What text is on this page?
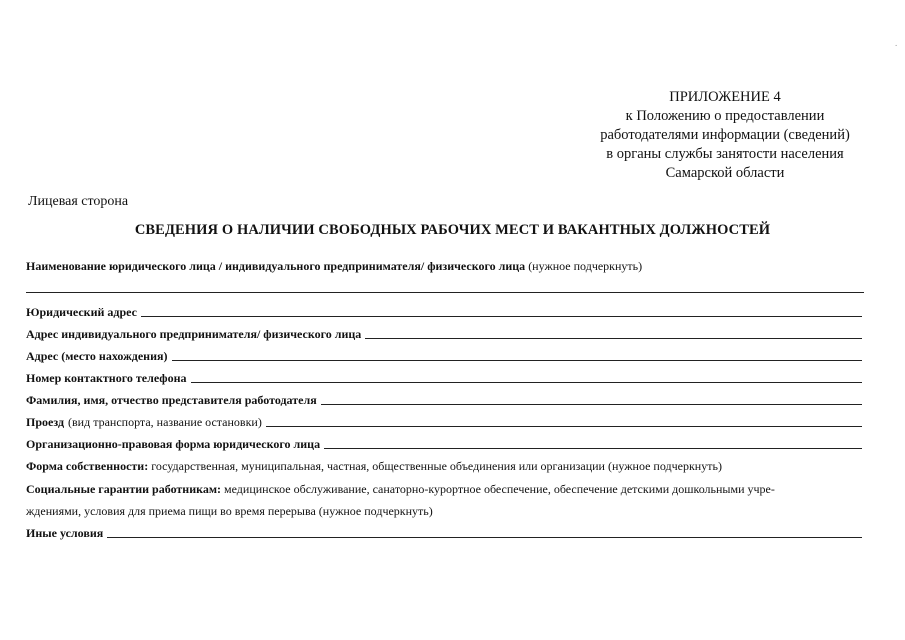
ПРИЛОЖЕНИЕ 4
к Положению о предоставлении
работодателями информации (сведений)
в органы службы занятости населения
Самарской области
.
Лицевая сторона
СВЕДЕНИЯ О НАЛИЧИИ СВОБОДНЫХ РАБОЧИХ МЕСТ И ВАКАНТНЫХ ДОЛЖНОСТЕЙ
Наименование юридического лица / индивидуального предпринимателя/ физического лица (нужное подчеркнуть)
Юридический адрес
Адрес индивидуального предпринимателя/ физического лица
Адрес (место нахождения)
Номер контактного телефона
Фамилия, имя, отчество представителя работодателя
Проезд (вид транспорта, название остановки)
Организационно-правовая форма юридического лица
Форма собственности: государственная, муниципальная, частная, общественные объединения или организации (нужное подчеркнуть)
Социальные гарантии работникам: медицинское обслуживание, санаторно-курортное обеспечение, обеспечение детскими дошкольными учре-
ждениями, условия для приема пищи во время перерыва (нужное подчеркнуть)
Иные условия
